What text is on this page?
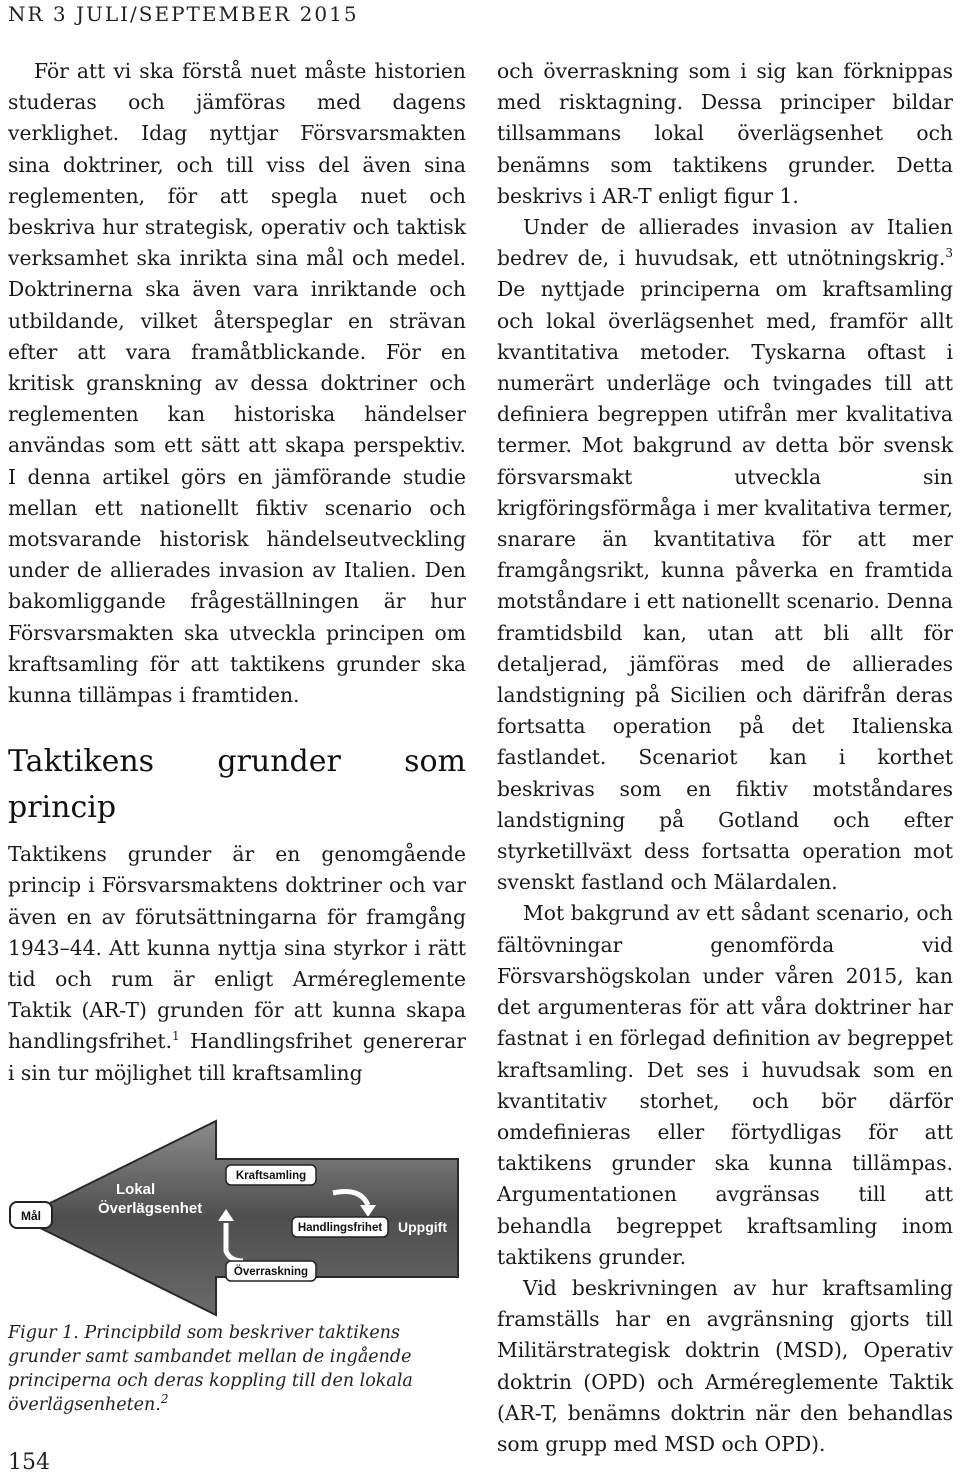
NR 3 JULI/SEPTEMBER 2015

För att vi ska förstå nuet måste historien studeras och jämföras med dagens verklighet. Idag nyttjar Försvarsmakten sina doktriner, och till viss del även sina reglementen, för att spegla nuet och beskriva hur strategisk, operativ och taktisk verksamhet ska inrikta sina mål och medel. Doktrinerna ska även vara inriktande och utbildande, vilket återspeglar en strävan efter att vara framåtblickande. För en kritisk granskning av dessa doktriner och reglementen kan historiska händelser användas som ett sätt att skapa perspektiv. I denna artikel görs en jämförande studie mellan ett nationellt fiktiv scenario och motsvarande historisk händelseutveckling under de allierades invasion av Italien. Den bakomliggande frågeställningen är hur Försvarsmakten ska utveckla principen om kraftsamling för att taktikens grunder ska kunna tillämpas i framtiden.

Taktikens grunder som princip

Taktikens grunder är en genomgående princip i Försvarsmaktens doktriner och var även en av förutsättningarna för framgång 1943–44. Att kunna nyttja sina styrkor i rätt tid och rum är enligt Arméreglemente Taktik (AR-T) grunden för att kunna skapa handlingsfrihet.$^1$ Handlingsfrihet genererar i sin tur möjlighet till kraftsamling

Mål
Lokal
Överlägsenhet
Kraftsamling
Handlingsfrihet Uppgift
Överraskning

Figur 1. Principbild som beskriver taktikens grunder samt sambandet mellan de ingående principerna och deras koppling till den lokala överlägsenheten.$^2$

och överraskning som i sig kan förknippas med risktagning. Dessa principer bildar tillsammans lokal överlägsenhet och benämns som taktikens grunder. Detta beskrivs i AR-T enligt figur 1.

Under de allierades invasion av Italien bedrev de, i huvudsak, ett utnötningskrig.$^3$ De nyttjade principerna om kraftsamling och lokal överlägsenhet med, framför allt kvantitativa metoder. Tyskarna oftast i numerärt underläge och tvingades till att definiera begreppen utifrån mer kvalitativa termer. Mot bakgrund av detta bör svensk försvarsmakt utveckla sin krigföringsförmåga i mer kvalitativa termer, snarare än kvantitativa för att mer framgångsrikt, kunna påverka en framtida motståndare i ett nationellt scenario. Denna framtidsbild kan, utan att bli allt för detaljerad, jämföras med de allierades landstigning på Sicilien och därifrån deras fortsatta operation på det Italienska fastlandet. Scenariot kan i korthet beskrivas som en fiktiv motståndares landstigning på Gotland och efter styrketillväxt dess fortsatta operation mot svenskt fastland och Mälardalen.

Mot bakgrund av ett sådant scenario, och fältövningar genomförda vid Försvarshögskolan under våren 2015, kan det argumenteras för att våra doktriner har fastnat i en förlegad definition av begreppet kraftsamling. Det ses i huvudsak som en kvantitativ storhet, och bör därför omdefinieras eller förtydligas för att taktikens grunder ska kunna tillämpas. Argumentationen avgränsas till att behandla begreppet kraftsamling inom taktikens grunder.

Vid beskrivningen av hur kraftsamling framställs har en avgränsning gjorts till Militärstrategisk doktrin (MSD), Operativ doktrin (OPD) och Arméreglemente Taktik (AR-T, benämns doktrin när den behandlas som grupp med MSD och OPD).

154
